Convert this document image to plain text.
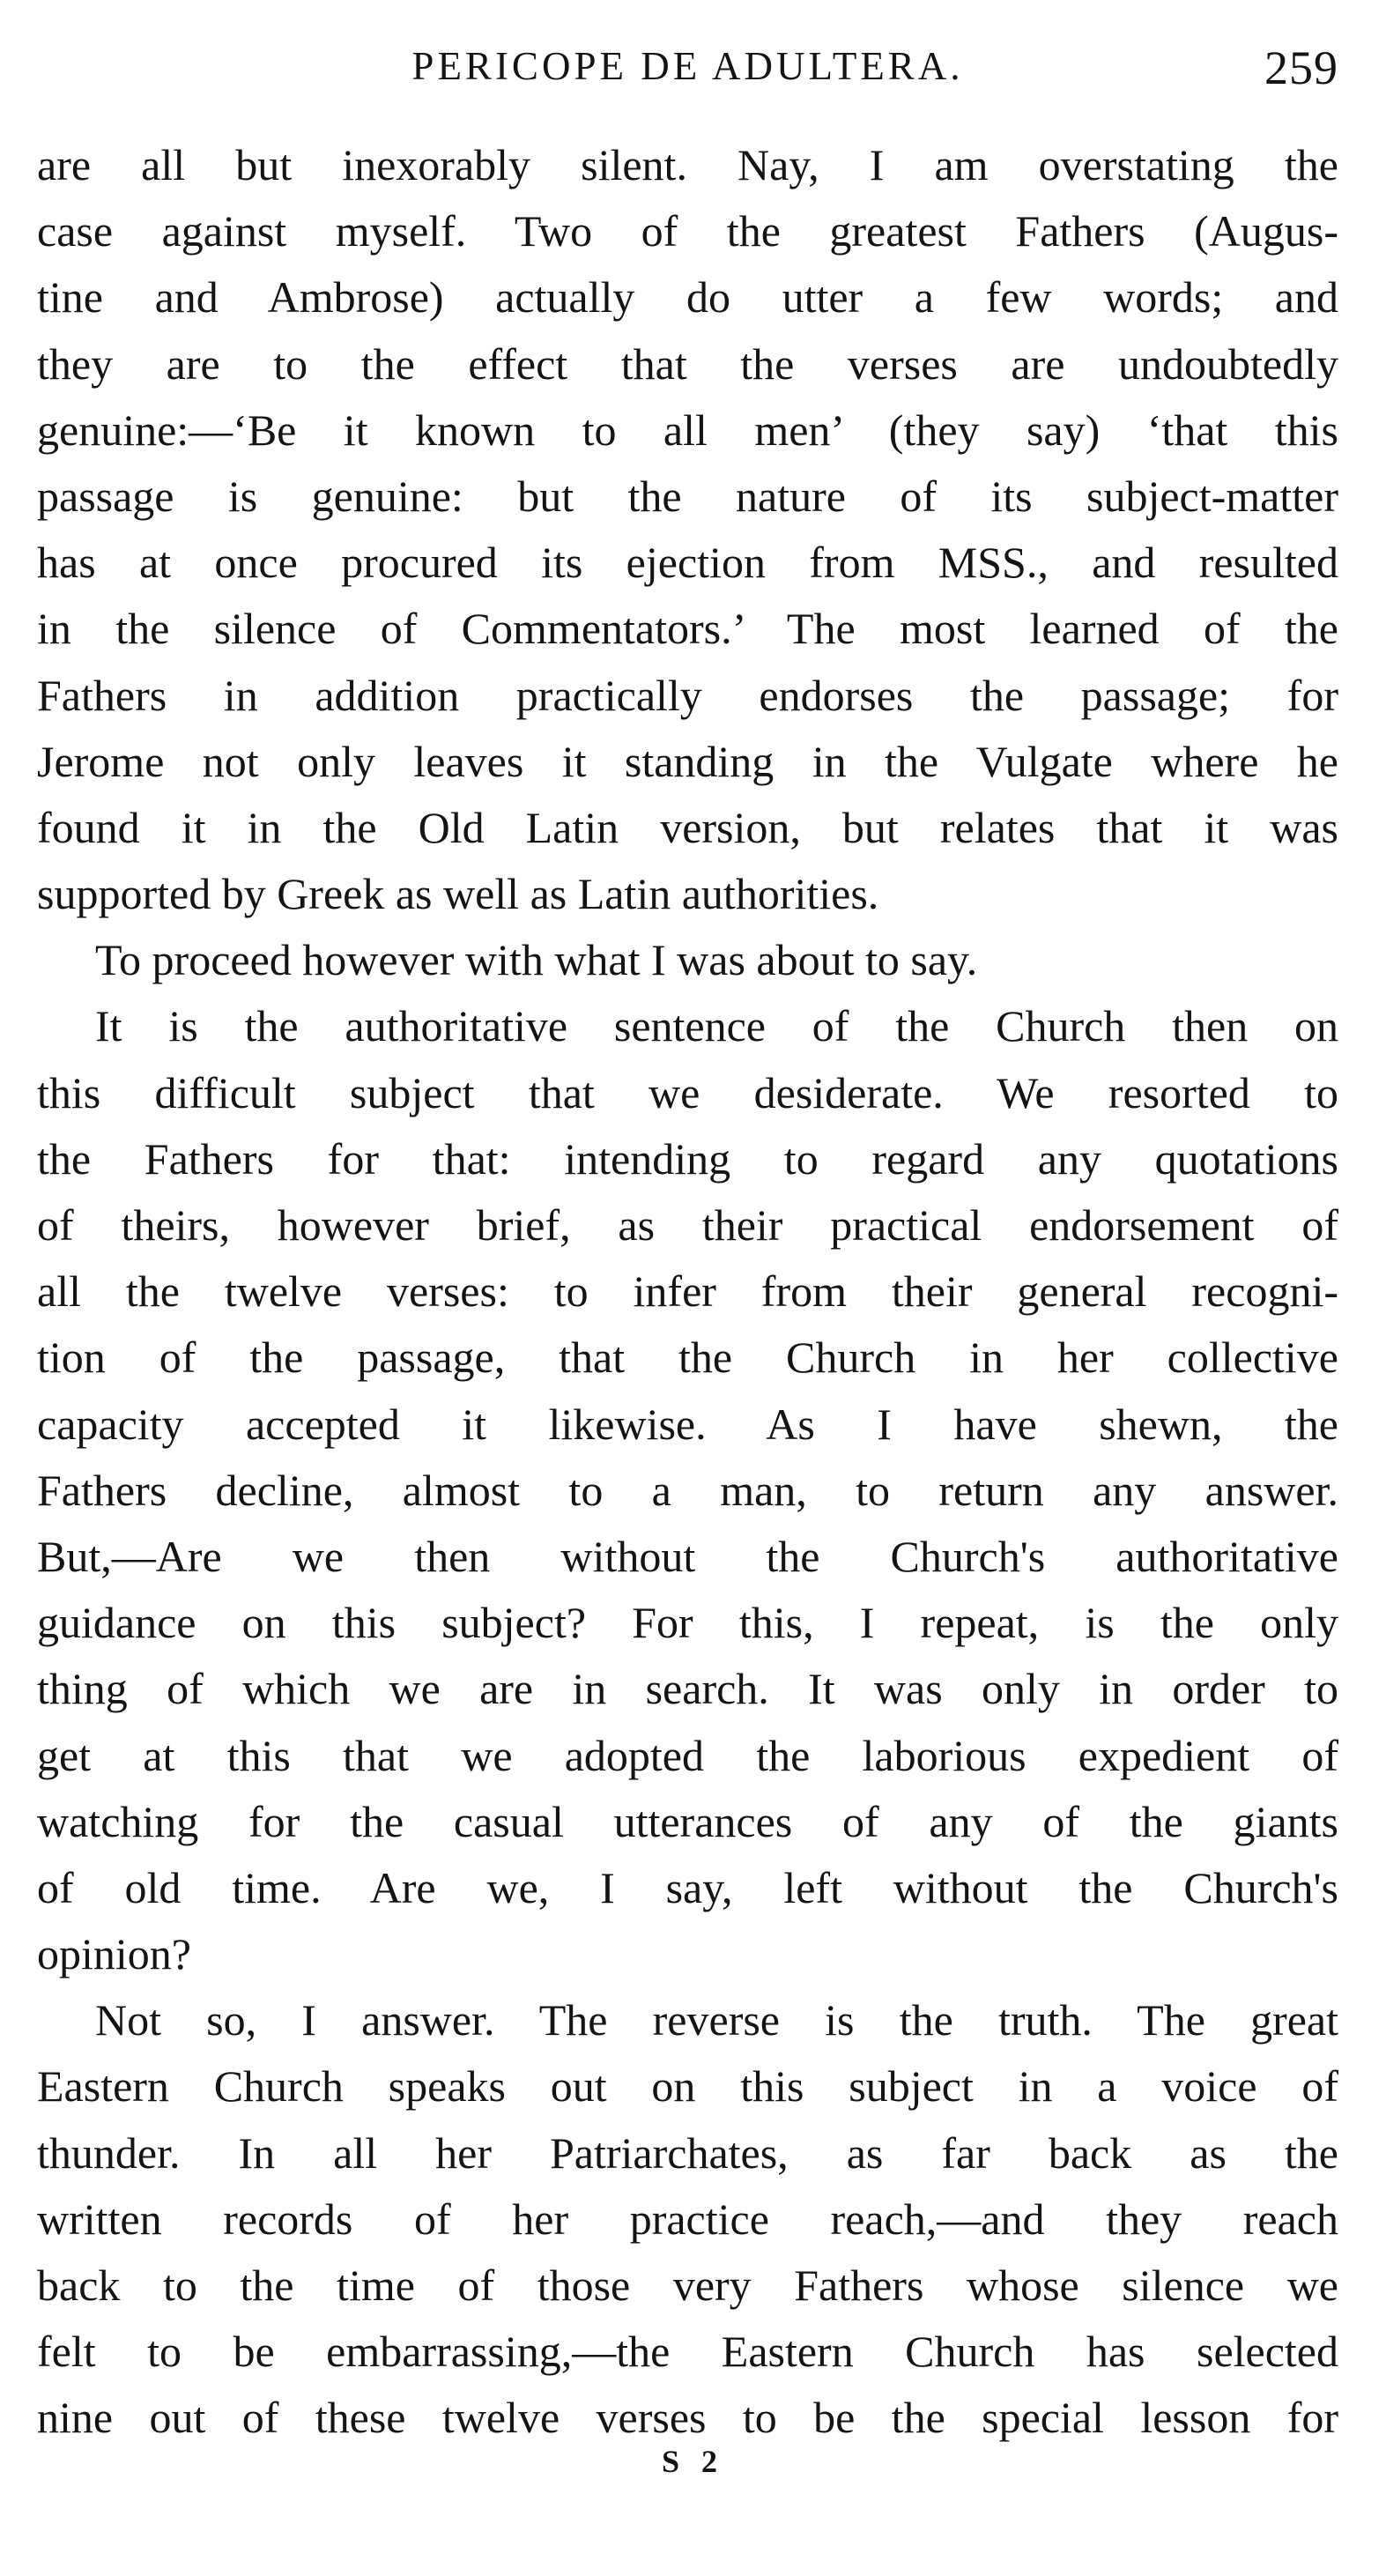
PERICOPE DE ADULTERA.	259
are all but inexorably silent. Nay, I am overstating the
case against myself. Two of the greatest Fathers (Augus-
tine and Ambrose) actually do utter a few words; and
they are to the effect that the verses are undoubtedly
genuine:—‘Be it known to all men’ (they say) ‘that this
passage is genuine: but the nature of its subject-matter
has at once procured its ejection from MSS., and resulted
in the silence of Commentators.’ The most learned of the
Fathers in addition practically endorses the passage; for
Jerome not only leaves it standing in the Vulgate where he
found it in the Old Latin version, but relates that it was
supported by Greek as well as Latin authorities.
To proceed however with what I was about to say.
It is the authoritative sentence of the Church then on
this difficult subject that we desiderate. We resorted to
the Fathers for that: intending to regard any quotations
of theirs, however brief, as their practical endorsement of
all the twelve verses: to infer from their general recogni-
tion of the passage, that the Church in her collective
capacity accepted it likewise. As I have shewn, the
Fathers decline, almost to a man, to return any answer.
But,—Are we then without the Church's authoritative
guidance on this subject? For this, I repeat, is the only
thing of which we are in search. It was only in order to
get at this that we adopted the laborious expedient of
watching for the casual utterances of any of the giants
of old time. Are we, I say, left without the Church's
opinion?
Not so, I answer. The reverse is the truth. The great
Eastern Church speaks out on this subject in a voice of
thunder. In all her Patriarchates, as far back as the
written records of her practice reach,—and they reach
back to the time of those very Fathers whose silence we
felt to be embarrassing,—the Eastern Church has selected
nine out of these twelve verses to be the special lesson for
S 2
